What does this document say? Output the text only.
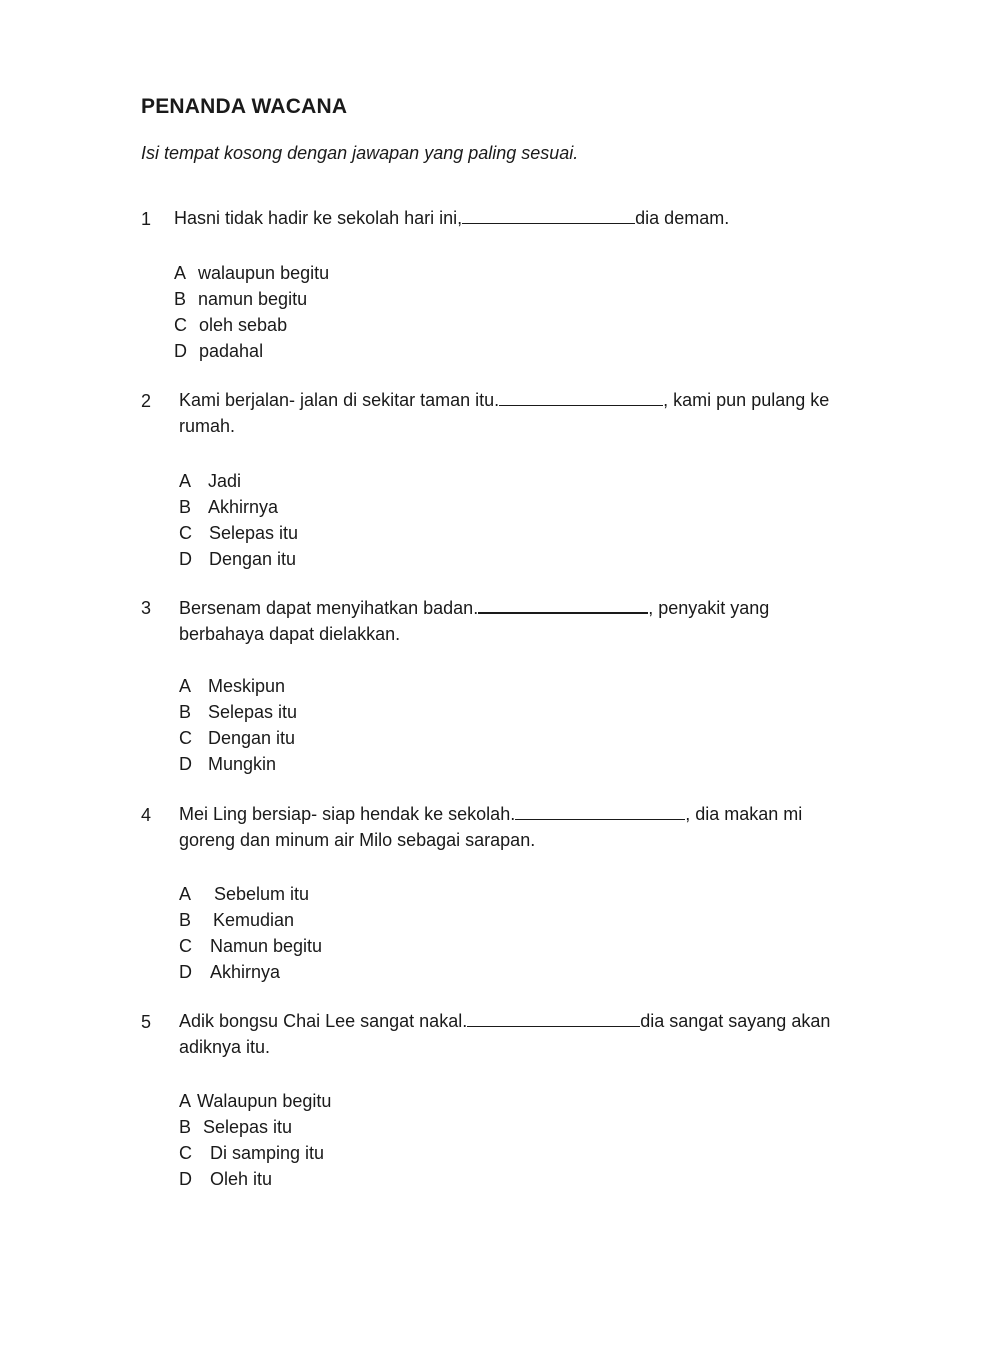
PENANDA WACANA

Isi tempat kosong dengan jawapan yang paling sesuai.

1 Hasni tidak hadir ke sekolah hari ini,	dia demam.
A walaupun begitu
B namun begitu
C oleh sebab
D padahal
2 Kami berjalan- jalan di sekitar taman itu.	, kami pun pulang ke rumah.
A Jadi
B Akhirnya
C Selepas itu
D Dengan itu
3 Bersenam dapat menyihatkan badan.	, penyakit yang berbahaya dapat dielakkan.
A Meskipun
B Selepas itu
C Dengan itu
D Mungkin
4 Mei Ling bersiap- siap hendak ke sekolah.	, dia makan mi goreng dan minum air Milo sebagai sarapan.
A Sebelum itu
B Kemudian
C Namun begitu
D Akhirnya
5 Adik bongsu Chai Lee sangat nakal.	dia sangat sayang akan adiknya itu.
A Walaupun begitu
B Selepas itu
C Di samping itu
D Oleh itu
